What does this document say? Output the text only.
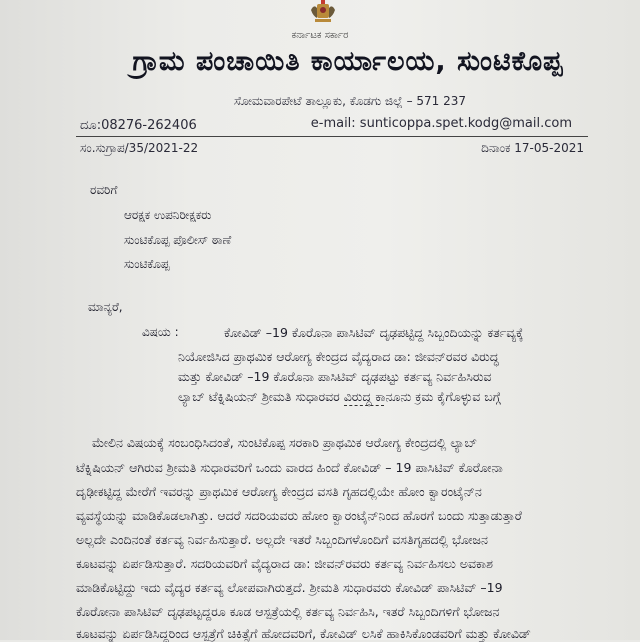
ಕರ್ನಾಟಕ ಸರ್ಕಾರ
ಗ್ರಾಮ ಪಂಚಾಯಿತಿ ಕಾರ್ಯಾಲಯ, ಸುಂಟಿಕೊಪ್ಪ
ಸೋಮವಾರಪೇಟೆ ತಾಲ್ಲೂಕು, ಕೊಡಗು ಜಿಲ್ಲೆ – 571 237
ದೂ:08276-262406	e-mail: sunticoppa.spet.kodg@mail.com
ಸಂ.ಸುಗ್ರಾಪ/35/2021-22	ದಿನಾಂಕ 17-05-2021
ರವರಿಗೆ
ಆರಕ್ಷಕ ಉಪನಿರೀಕ್ಷಕರು
ಸುಂಟಿಕೊಪ್ಪ ಪೊಲೀಸ್ ಠಾಣೆ
ಸುಂಟಿಕೊಪ್ಪ
ಮಾನ್ಯರೆ,
ವಿಷಯ :	ಕೋವಿಡ್ –19 ಕೊರೊನಾ ಪಾಸಿಟಿವ್ ದೃಢಪಟ್ಟಿದ್ದ ಸಿಬ್ಬಂದಿಯನ್ನು ಕರ್ತವ್ಯಕ್ಕೆ
ನಿಯೋಜಿಸಿದ ಪ್ರಾಥಮಿಕ ಆರೋಗ್ಯ ಕೇಂದ್ರದ ವೈದ್ಯರಾದ ಡಾ: ಜೀವನ್‌ರವರ ವಿರುದ್ಧ
ಮತ್ತು ಕೋವಿಡ್ –19 ಕೊರೊನಾ ಪಾಸಿಟಿವ್ ದೃಢಪಟ್ಟು ಕರ್ತವ್ಯ ನಿರ್ವಹಿಸಿರುವ
ಲ್ಯಾಬ್ ಟೆಕ್ನಿಷಿಯನ್ ಶ್ರೀಮತಿ ಸುಧಾರವರ ವಿರುದ್ಧ ಕಾನೂನು ಕ್ರಮ ಕೈಗೊಳ್ಳುವ ಬಗ್ಗೆ
ಮೇಲಿನ ವಿಷಯಕ್ಕೆ ಸಂಬಂಧಿಸಿದಂತೆ, ಸುಂಟಿಕೊಪ್ಪ ಸರಕಾರಿ ಪ್ರಾಥಮಿಕ ಆರೋಗ್ಯ ಕೇಂದ್ರದಲ್ಲಿ ಲ್ಯಾಬ್
ಟೆಕ್ನಿಷಿಯನ್ ಆಗಿರುವ ಶ್ರೀಮತಿ ಸುಧಾರವರಿಗೆ ಒಂದು ವಾರದ ಹಿಂದೆ ಕೋವಿಡ್ – 19 ಪಾಸಿಟಿವ್ ಕೊರೋನಾ
ದೃಢೀಕಟ್ಟಿದ್ದ ಮೇರೆಗೆ ಇವರನ್ನು ಪ್ರಾಥಮಿಕ ಆರೋಗ್ಯ ಕೇಂದ್ರದ ವಸತಿ ಗೃಹದಲ್ಲಿಯೇ ಹೋಂ ಕ್ವಾರಂಟೈನ್‌ನ
ವ್ಯವಸ್ಥೆಯನ್ನು ಮಾಡಿಕೊಡಲಾಗಿತ್ತು. ಆದರೆ ಸದರಿಯವರು ಹೋಂ ಕ್ವಾರಂಟೈನ್‌ನಿಂದ ಹೊರಗೆ ಬಂದು ಸುತ್ತಾಡುತ್ತಾರೆ
ಅಲ್ಲದೇ ಎಂದಿನಂತೆ ಕರ್ತವ್ಯ ನಿರ್ವಹಿಸುತ್ತಾರೆ. ಅಲ್ಲದೇ ಇತರೆ ಸಿಬ್ಬಂದಿಗಳೊಂದಿಗೆ ವಸತಿಗೃಹದಲ್ಲಿ ಭೋಜನ
ಕೂಟವನ್ನು ಏರ್ಪಡಿಸುತ್ತಾರೆ. ಸದರಿಯವರಿಗೆ ವೈದ್ಯರಾದ ಡಾ: ಜೀವನ್‌ರವರು ಕರ್ತವ್ಯ ನಿರ್ವಹಿಸಲು ಅವಕಾಶ
ಮಾಡಿಕೊಟ್ಟಿದ್ದು ಇದು ವೈದ್ಯರ ಕರ್ತವ್ಯ ಲೋಪವಾಗಿರುತ್ತದೆ. ಶ್ರೀಮತಿ ಸುಧಾರವರು ಕೋವಿಡ್ ಪಾಸಿಟಿವ್ –19
ಕೊರೋನಾ ಪಾಸಿಟಿವ್ ದೃಢಪಟ್ಟದ್ದರೂ ಕೂಡ ಆಸ್ಪತ್ರೆಯಲ್ಲಿ ಕರ್ತವ್ಯ ನಿರ್ವಹಿಸಿ, ಇತರೆ ಸಿಬ್ಬಂದಿಗಳಿಗೆ ಭೋಜನ
ಕೂಟವನ್ನು ಏರ್ಪಡಿಸಿದ್ದರಿಂದ ಆಸ್ಪತ್ರೆಗೆ ಚಿಕಿತ್ಸೆಗೆ ಹೋದವರಿಗೆ, ಕೋವಿಡ್ ಲಸಿಕೆ ಹಾಕಿಸಿಕೊಂಡವರಿಗೆ ಮತ್ತು ಕೋವಿಡ್
